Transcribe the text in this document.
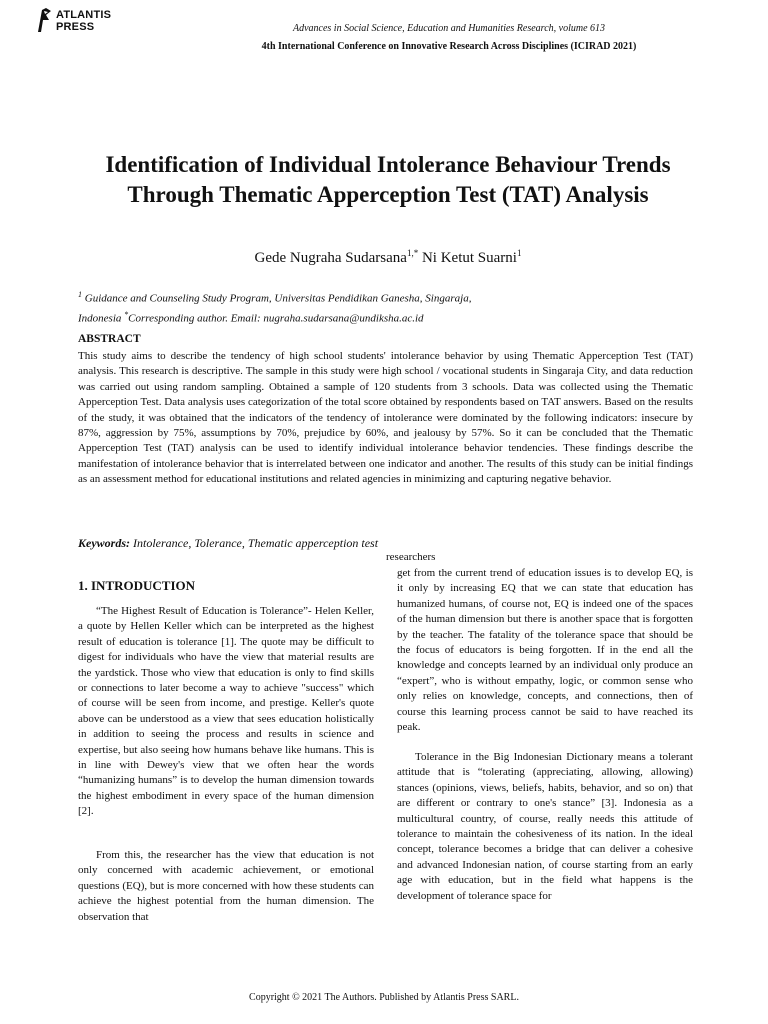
ATLANTIS
PRESS	Advances in Social Science, Education and Humanities Research, volume 613
4th International Conference on Innovative Research Across Disciplines (ICIRAD 2021)
Identification of Individual Intolerance Behaviour Trends Through Thematic Apperception Test (TAT) Analysis
Gede Nugraha Sudarsana$^{1,*}$ Ni Ketut Suarni$^1$
$^1$ Guidance and Counseling Study Program, Universitas Pendidikan Ganesha, Singaraja,
Indonesia *Corresponding author. Email: nugraha.sudarsana@undiksha.ac.id
ABSTRACT

This study aims to describe the tendency of high school students' intolerance behavior by using Thematic Apperception Test (TAT) analysis. This research is descriptive. The sample in this study were high school / vocational students in Singaraja City, and data reduction was carried out using random sampling. Obtained a sample of 120 students from 3 schools. Data was collected using the Thematic Apperception Test. Data analysis uses categorization of the total score obtained by respondents based on TAT answers. Based on the results of the study, it was obtained that the indicators of the tendency of intolerance were dominated by the following indicators: insecure by 87%, aggression by 75%, assumptions by 70%, prejudice by 60%, and jealousy by 57%. So it can be concluded that the Thematic Apperception Test (TAT) analysis can be used to identify individual intolerance behavior tendencies. These findings describe the manifestation of intolerance behavior that is interrelated between one indicator and another. The results of this study can be initial findings as an assessment method for educational institutions and related agencies in minimizing and capturing negative behavior.

Keywords: Intolerance, Tolerance, Thematic apperception test
researchers
1. INTRODUCTION

“The Highest Result of Education is Tolerance”- Helen Keller, a quote by Hellen Keller which can be interpreted as the highest result of education is tolerance [1]. The quote may be difficult to digest for individuals who have the view that material results are the yardstick. Those who view that education is only to find skills or connections to later become a way to achieve "success" which of course will be seen from income, and prestige. Keller's quote above can be understood as a view that sees education holistically in addition to seeing the process and results in science and expertise, but also seeing how humans behave like humans. This is in line with Dewey's view that we often hear the words “humanizing humans” is to develop the human dimension towards the highest embodiment in every space of the human dimension [2].

From this, the researcher has the view that education is not only concerned with academic achievement, or emotional questions (EQ), but is more concerned with how these students can achieve the highest potential from the human dimension. The observation that

get from the current trend of education issues is to develop EQ, is it only by increasing EQ that we can state that education has humanized humans, of course not, EQ is indeed one of the spaces of the human dimension but there is another space that is forgotten by the teacher. The fatality of the tolerance space that should be the focus of educators is being forgotten. If in the end all the knowledge and concepts learned by an individual only produce an “expert”, who is without empathy, logic, or common sense who only relies on knowledge, concepts, and connections, then of course this learning process cannot be said to have reached its peak.

Tolerance in the Big Indonesian Dictionary means a tolerant attitude that is “tolerating (appreciating, allowing, allowing) stances (opinions, views, beliefs, habits, behavior, and so on) that are different or contrary to one's stance” [3]. Indonesia as a multicultural country, of course, really needs this attitude of tolerance to maintain the cohesiveness of its nation. In the ideal concept, tolerance becomes a bridge that can deliver a cohesive and advanced Indonesian nation, of course starting from an early age with education, but in the field what happens is the development of tolerance space for

Copyright © 2021 The Authors. Published by Atlantis Press SARL.
